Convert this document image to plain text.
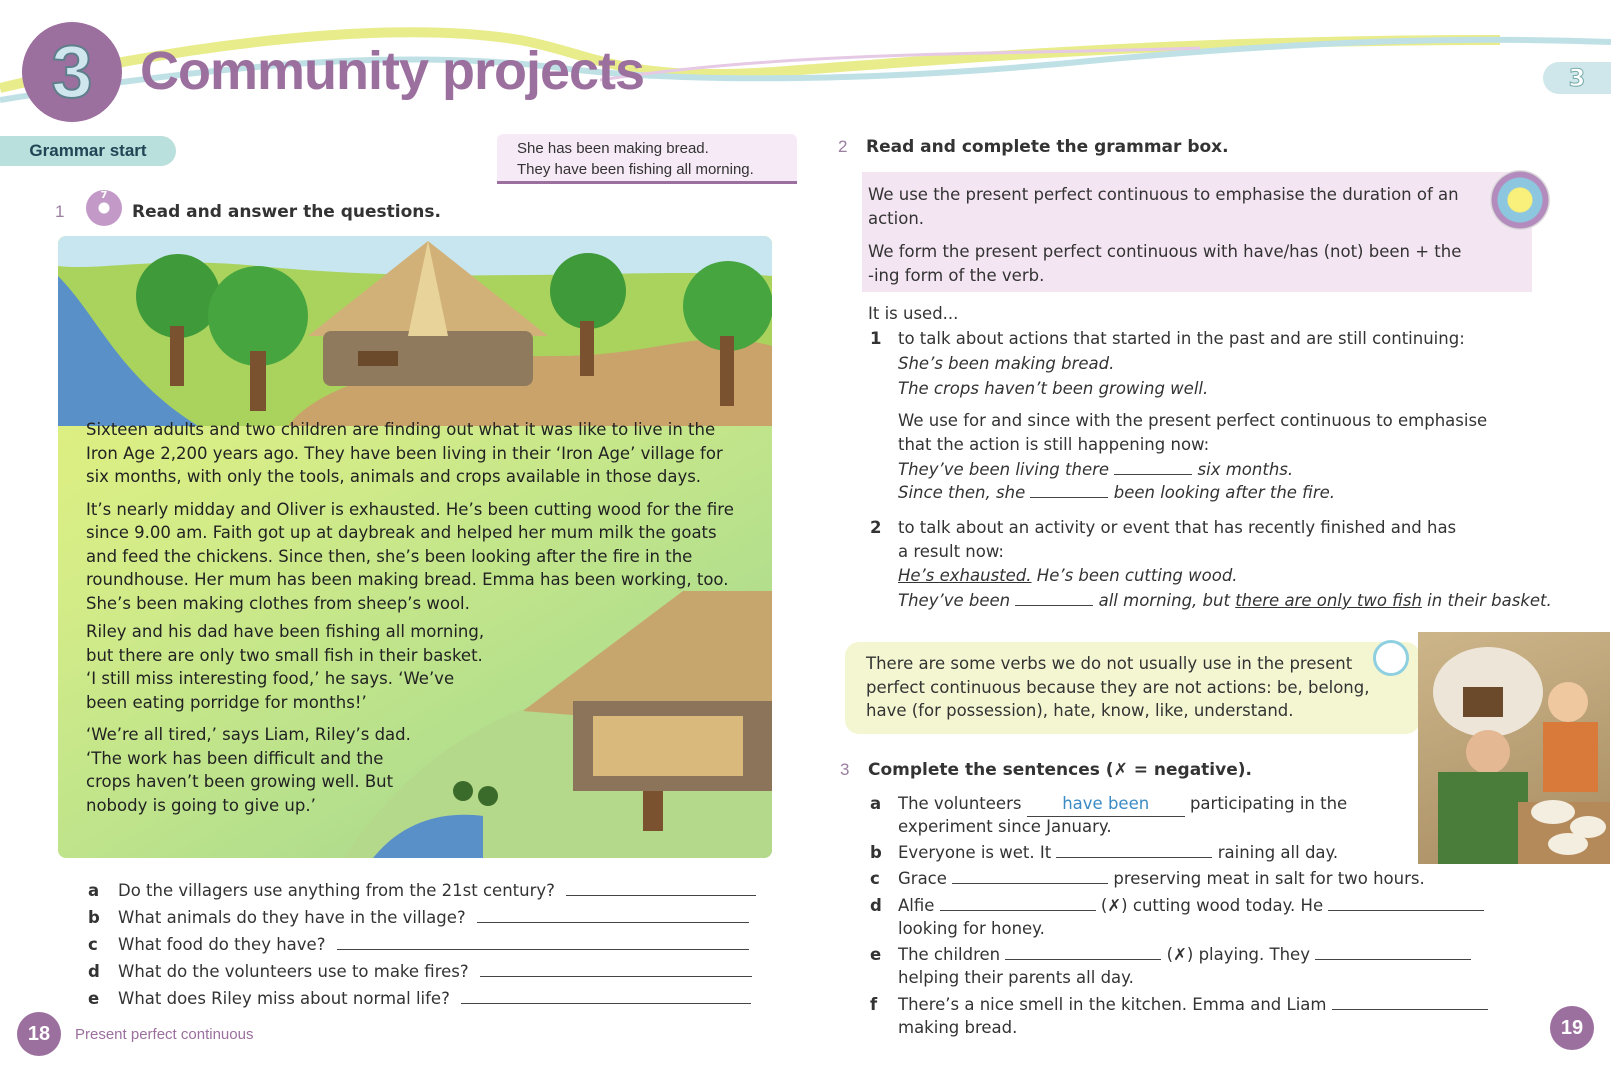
3 Community projects	3
Grammar start	She has been making bread.
They have been fishing all morning.
1
7
Read and answer the questions.

Sixteen adults and two children are finding out what it was like to live in the Iron Age 2,200 years ago. They have been living in their ‘Iron Age’ village for six months, with only the tools, animals and crops available in those days.

It’s nearly midday and Oliver is exhausted. He’s been cutting wood for the fire since 9.00 am. Faith got up at daybreak and helped her mum milk the goats and feed the chickens. Since then, she’s been looking after the fire in the roundhouse. Her mum has been making bread. Emma has been working, too. She’s been making clothes from sheep’s wool.

Riley and his dad have been fishing all morning, but there are only two small fish in their basket. ‘I still miss interesting food,’ he says. ‘We’ve been eating porridge for months!’

‘We’re all tired,’ says Liam, Riley’s dad. ‘The work has been difficult and the crops haven’t been growing well. But nobody is going to give up.’

a Do the villagers use anything from the 21st century?
b What animals do they have in the village?
c What food do they have?
d What do the volunteers use to make fires?
e What does Riley miss about normal life?
18	Present perfect continuous
2 Read and complete the grammar box.
We use the present perfect continuous to emphasise the duration of an action.
We form the present perfect continuous with have/has (not) been + the -ing form of the verb.
It is used...
1 to talk about actions that started in the past and are still continuing:
She’s been making bread.
The crops haven’t been growing well.
We use for and since with the present perfect continuous to emphasise that the action is still happening now:
They’ve been living there	six months.
Since then, she	been looking after the fire.
2 to talk about an activity or event that has recently finished and has a result now:
He’s exhausted. He’s been cutting wood.
They’ve been	all morning, but there are only two fish in their basket.
There are some verbs we do not usually use in the present perfect continuous because they are not actions: be, belong, have (for possession), hate, know, like, understand.
3 Complete the sentences (✗ = negative).
a The volunteers have been participating in the
experiment since January.
b Everyone is wet. It	raining all day.
c Grace	preserving meat in salt for two hours.
d Alfie	(✗) cutting wood today. He
looking for honey.
e The children	(✗) playing. They
helping their parents all day.
f There’s a nice smell in the kitchen. Emma and Liam
making bread.	19
